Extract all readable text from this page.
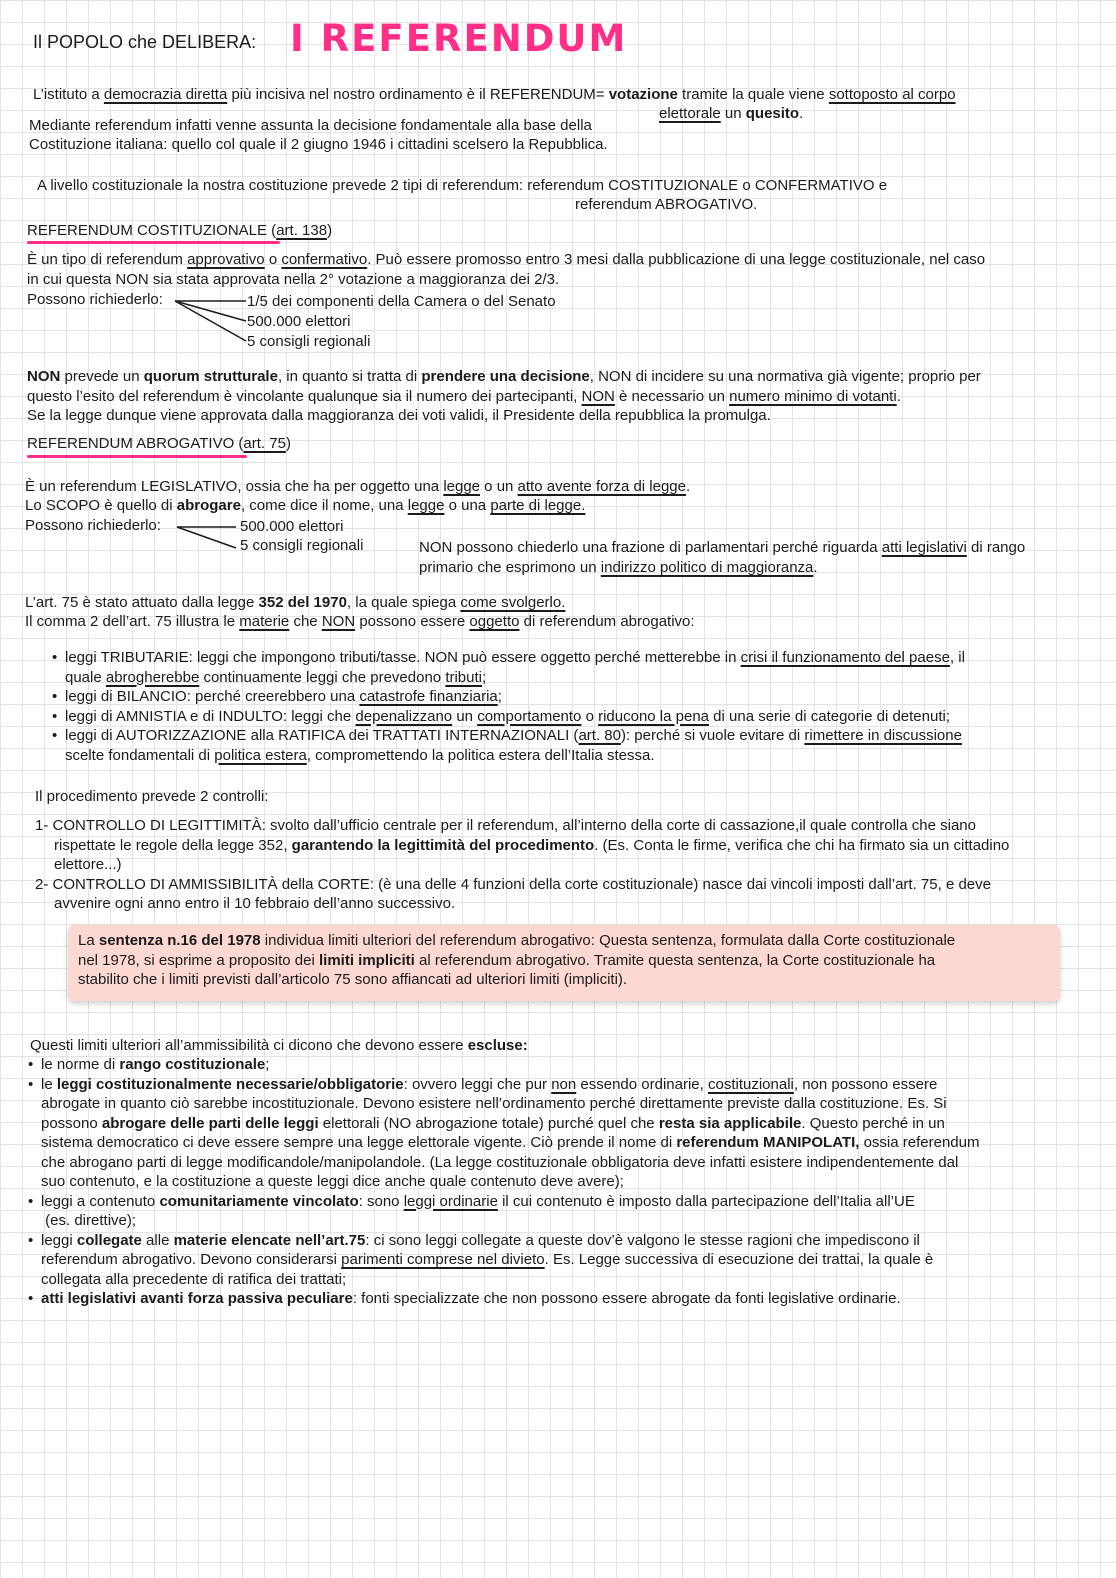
Il POPOLO che DELIBERA: I REFERENDUM
L’istituto a democrazia diretta più incisiva nel nostro ordinamento è il REFERENDUM= votazione tramite la quale viene sottoposto al corpo
elettorale un quesito.
Mediante referendum infatti venne assunta la decisione fondamentale alla base della
Costituzione italiana: quello col quale il 2 giugno 1946 i cittadini scelsero la Repubblica.
A livello costituzionale la nostra costituzione prevede 2 tipi di referendum: referendum COSTITUZIONALE o CONFERMATIVO e
referendum ABROGATIVO.
REFERENDUM COSTITUZIONALE (art. 138)
È un tipo di referendum approvativo o confermativo. Può essere promosso entro 3 mesi dalla pubblicazione di una legge costituzionale, nel caso
in cui questa NON sia stata approvata nella 2° votazione a maggioranza dei 2/3.
Possono richiederlo:	1/5 dei componenti della Camera o del Senato
500.000 elettori
5 consigli regionali
NON prevede un quorum strutturale, in quanto si tratta di prendere una decisione, NON di incidere su una normativa già vigente; proprio per
questo l’esito del referendum è vincolante qualunque sia il numero dei partecipanti, NON è necessario un numero minimo di votanti.
Se la legge dunque viene approvata dalla maggioranza dei voti validi, il Presidente della repubblica la promulga.
REFERENDUM ABROGATIVO (art. 75)
È un referendum LEGISLATIVO, ossia che ha per oggetto una legge o un atto avente forza di legge.
Lo SCOPO è quello di abrogare, come dice il nome, una legge o una parte di legge.
Possono richiederlo:	500.000 elettori
5 consigli regionali	NON possono chiederlo una frazione di parlamentari perché riguarda atti legislativi di rango
primario che esprimono un indirizzo politico di maggioranza.
L’art. 75 è stato attuato dalla legge 352 del 1970, la quale spiega come svolgerlo.
Il comma 2 dell’art. 75 illustra le materie che NON possono essere oggetto di referendum abrogativo:
• leggi TRIBUTARIE: leggi che impongono tributi/tasse. NON può essere oggetto perché metterebbe in crisi il funzionamento del paese, il
quale abrogherebbe continuamente leggi che prevedono tributi;
• leggi di BILANCIO: perché creerebbero una catastrofe finanziaria;
• leggi di AMNISTIA e di INDULTO: leggi che depenalizzano un comportamento o riducono la pena di una serie di categorie di detenuti;
• leggi di AUTORIZZAZIONE alla RATIFICA dei TRATTATI INTERNAZIONALI (art. 80): perché si vuole evitare di rimettere in discussione
scelte fondamentali di politica estera, compromettendo la politica estera dell’Italia stessa.
Il procedimento prevede 2 controlli:
1- CONTROLLO DI LEGITTIMITÀ: svolto dall’ufficio centrale per il referendum, all’interno della corte di cassazione,il quale controlla che siano
rispettate le regole della legge 352, garantendo la legittimità del procedimento. (Es. Conta le firme, verifica che chi ha firmato sia un cittadino
elettore...)
2- CONTROLLO DI AMMISSIBILITÀ della CORTE: (è una delle 4 funzioni della corte costituzionale) nasce dai vincoli imposti dall’art. 75, e deve
avvenire ogni anno entro il 10 febbraio dell’anno successivo.
La sentenza n.16 del 1978 individua limiti ulteriori del referendum abrogativo: Questa sentenza, formulata dalla Corte costituzionale
nel 1978, si esprime a proposito dei limiti impliciti al referendum abrogativo. Tramite questa sentenza, la Corte costituzionale ha
stabilito che i limiti previsti dall’articolo 75 sono affiancati ad ulteriori limiti (impliciti).
Questi limiti ulteriori all’ammissibilità ci dicono che devono essere escluse:
• le norme di rango costituzionale;
• le leggi costituzionalmente necessarie/obbligatorie: ovvero leggi che pur non essendo ordinarie, costituzionali, non possono essere
abrogate in quanto ciò sarebbe incostituzionale. Devono esistere nell’ordinamento perché direttamente previste dalla costituzione. Es. Si
possono abrogare delle parti delle leggi elettorali (NO abrogazione totale) purché quel che resta sia applicabile. Questo perché in un
sistema democratico ci deve essere sempre una legge elettorale vigente. Ciò prende il nome di referendum MANIPOLATI, ossia referendum
che abrogano parti di legge modificandole/manipolandole. (La legge costituzionale obbligatoria deve infatti esistere indipendentemente dal
suo contenuto, e la costituzione a queste leggi dice anche quale contenuto deve avere);
• leggi a contenuto comunitariamente vincolato: sono leggi ordinarie il cui contenuto è imposto dalla partecipazione dell’Italia all’UE
(es. direttive);
• leggi collegate alle materie elencate nell’art.75: ci sono leggi collegate a queste dov’è valgono le stesse ragioni che impediscono il
referendum abrogativo. Devono considerarsi parimenti comprese nel divieto. Es. Legge successiva di esecuzione dei trattai, la quale è
collegata alla precedente di ratifica dei trattati;
• atti legislativi avanti forza passiva peculiare: fonti specializzate che non possono essere abrogate da fonti legislative ordinarie.
